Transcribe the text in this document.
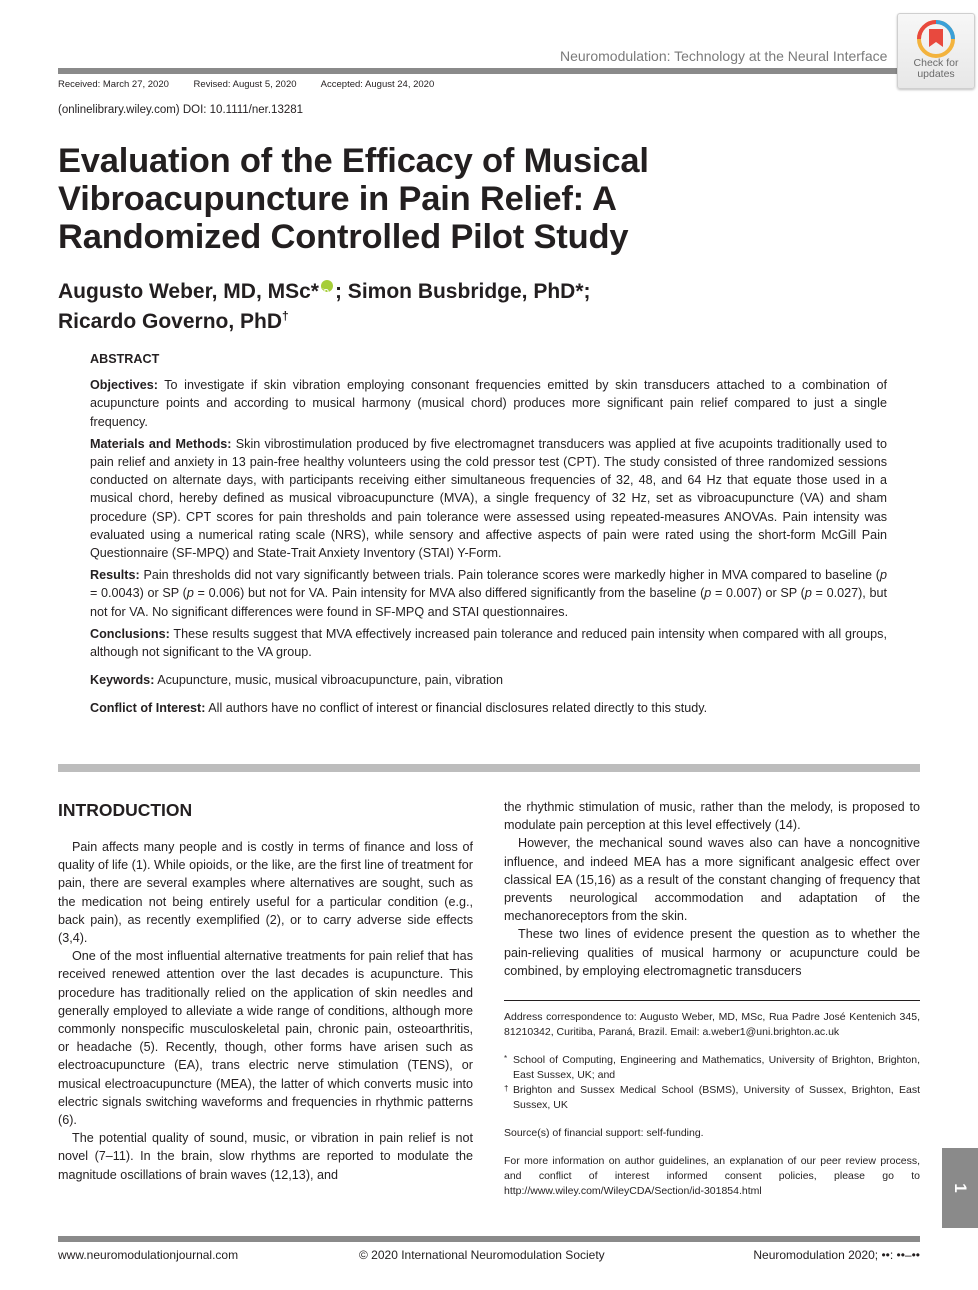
Neuromodulation: Technology at the Neural Interface	Check for
updates
Received: March 27, 2020	Revised: August 5, 2020	Accepted: August 24, 2020
(onlinelibrary.wiley.com) DOI: 10.1111/ner.13281
Evaluation of the Efficacy of Musical Vibroacupuncture in Pain Relief: A Randomized Controlled Pilot Study
Augusto Weber, MD, MSc*iD ; Simon Busbridge, PhD*;
Ricardo Governo, PhD†
ABSTRACT

Objectives: To investigate if skin vibration employing consonant frequencies emitted by skin transducers attached to a combination of acupuncture points and according to musical harmony (musical chord) produces more significant pain relief compared to just a single frequency.

Materials and Methods: Skin vibrostimulation produced by five electromagnet transducers was applied at five acupoints traditionally used to pain relief and anxiety in 13 pain-free healthy volunteers using the cold pressor test (CPT). The study consisted of three randomized sessions conducted on alternate days, with participants receiving either simultaneous frequencies of 32, 48, and 64 Hz that equate those used in a musical chord, hereby defined as musical vibroacupuncture (MVA), a single frequency of 32 Hz, set as vibroacupuncture (VA) and sham procedure (SP). CPT scores for pain thresholds and pain tolerance were assessed using repeated-measures ANOVAs. Pain intensity was evaluated using a numerical rating scale (NRS), while sensory and affective aspects of pain were rated using the short-form McGill Pain Questionnaire (SF-MPQ) and State-Trait Anxiety Inventory (STAI) Y-Form.

Results: Pain thresholds did not vary significantly between trials. Pain tolerance scores were markedly higher in MVA compared to baseline (p = 0.0043) or SP (p = 0.006) but not for VA. Pain intensity for MVA also differed significantly from the baseline (p = 0.007) or SP (p = 0.027), but not for VA. No significant differences were found in SF-MPQ and STAI questionnaires.

Conclusions: These results suggest that MVA effectively increased pain tolerance and reduced pain intensity when compared with all groups, although not significant to the VA group.

Keywords: Acupuncture, music, musical vibroacupuncture, pain, vibration

Conflict of Interest: All authors have no conflict of interest or financial disclosures related directly to this study.

INTRODUCTION

Pain affects many people and is costly in terms of finance and loss of quality of life (1). While opioids, or the like, are the first line of treatment for pain, there are several examples where alternatives are sought, such as the medication not being entirely useful for a particular condition (e.g., back pain), as recently exemplified (2), or to carry adverse side effects (3,4).

One of the most influential alternative treatments for pain relief that has received renewed attention over the last decades is acupuncture. This procedure has traditionally relied on the application of skin needles and generally employed to alleviate a wide range of conditions, although more commonly nonspecific musculoskeletal pain, chronic pain, osteoarthritis, or headache (5). Recently, though, other forms have arisen such as electroacupuncture (EA), trans electric nerve stimulation (TENS), or musical electroacupuncture (MEA), the latter of which converts music into electric signals switching waveforms and frequencies in rhythmic patterns (6).

The potential quality of sound, music, or vibration in pain relief is not novel (7–11). In the brain, slow rhythms are reported to modulate the magnitude oscillations of brain waves (12,13), and

the rhythmic stimulation of music, rather than the melody, is proposed to modulate pain perception at this level effectively (14).

However, the mechanical sound waves also can have a noncognitive influence, and indeed MEA has a more significant analgesic effect over classical EA (15,16) as a result of the constant changing of frequency that prevents neurological accommodation and adaptation of the mechanoreceptors from the skin.

These two lines of evidence present the question as to whether the pain-relieving qualities of musical harmony or acupuncture could be combined, by employing electromagnetic transducers

Address correspondence to: Augusto Weber, MD, MSc, Rua Padre José Kentenich 345, 81210342, Curitiba, Paraná, Brazil. Email: a.weber1@uni.brighton.ac.uk

* School of Computing, Engineering and Mathematics, University of Brighton, Brighton, East Sussex, UK; and

† Brighton and Sussex Medical School (BSMS), University of Sussex, Brighton, East Sussex, UK

Source(s) of financial support: self-funding.

For more information on author guidelines, an explanation of our peer review process, and conflict of interest informed consent policies, please go to http://www.wiley.com/WileyCDA/Section/id-301854.html	1
www.neuromodulationjournal.com	© 2020 International Neuromodulation Society	Neuromodulation 2020; ••: ••–••
